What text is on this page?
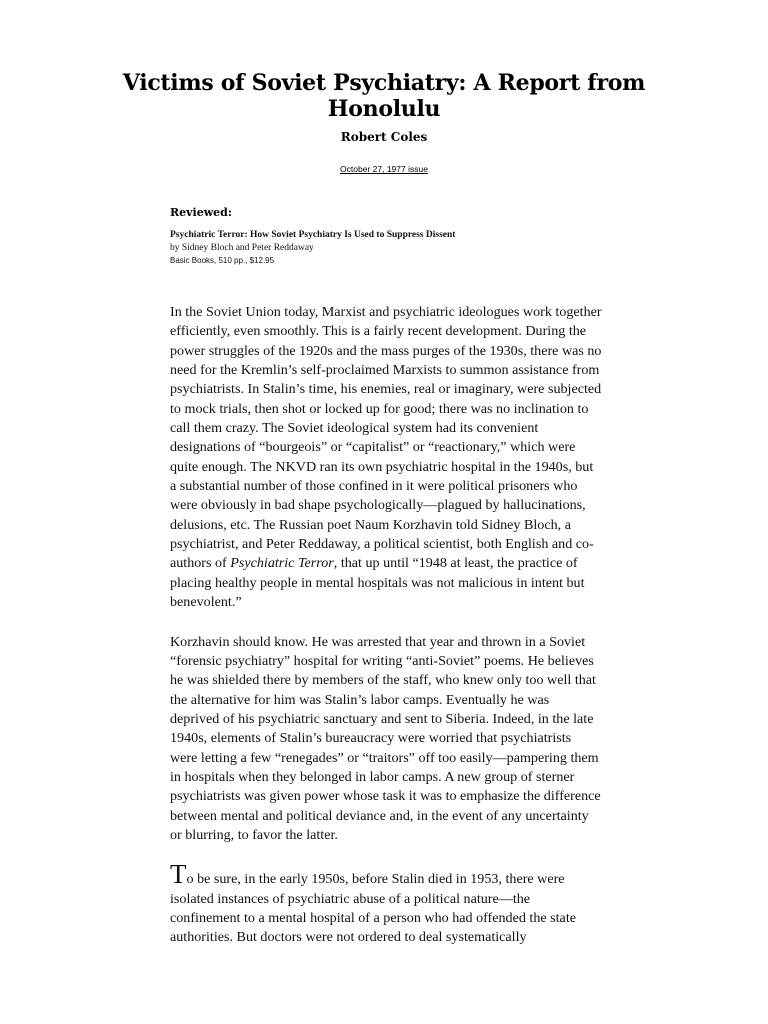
Victims of Soviet Psychiatry: A Report from Honolulu
Robert Coles
October 27, 1977 issue
Reviewed:
Psychiatric Terror: How Soviet Psychiatry Is Used to Suppress Dissent
by Sidney Bloch and Peter Reddaway
Basic Books, 510 pp., $12.95

In the Soviet Union today, Marxist and psychiatric ideologues work together efficiently, even smoothly. This is a fairly recent development. During the power struggles of the 1920s and the mass purges of the 1930s, there was no need for the Kremlin’s self-proclaimed Marxists to summon assistance from psychiatrists. In Stalin’s time, his enemies, real or imaginary, were subjected to mock trials, then shot or locked up for good; there was no inclination to call them crazy. The Soviet ideological system had its convenient designations of “bourgeois” or “capitalist” or “reactionary,” which were quite enough. The NKVD ran its own psychiatric hospital in the 1940s, but a substantial number of those confined in it were political prisoners who were obviously in bad shape psychologically—plagued by hallucinations, delusions, etc. The Russian poet Naum Korzhavin told Sidney Bloch, a psychiatrist, and Peter Reddaway, a political scientist, both English and co-authors of Psychiatric Terror, that up until “1948 at least, the practice of placing healthy people in mental hospitals was not malicious in intent but benevolent.”

Korzhavin should know. He was arrested that year and thrown in a Soviet “forensic psychiatry” hospital for writing “anti-Soviet” poems. He believes he was shielded there by members of the staff, who knew only too well that the alternative for him was Stalin’s labor camps. Eventually he was deprived of his psychiatric sanctuary and sent to Siberia. Indeed, in the late 1940s, elements of Stalin’s bureaucracy were worried that psychiatrists were letting a few “renegades” or “traitors” off too easily—pampering them in hospitals when they belonged in labor camps. A new group of sterner psychiatrists was given power whose task it was to emphasize the difference between mental and political deviance and, in the event of any uncertainty or blurring, to favor the latter.

To be sure, in the early 1950s, before Stalin died in 1953, there were isolated instances of psychiatric abuse of a political nature—the confinement to a mental hospital of a person who had offended the state authorities. But doctors were not ordered to deal systematically
